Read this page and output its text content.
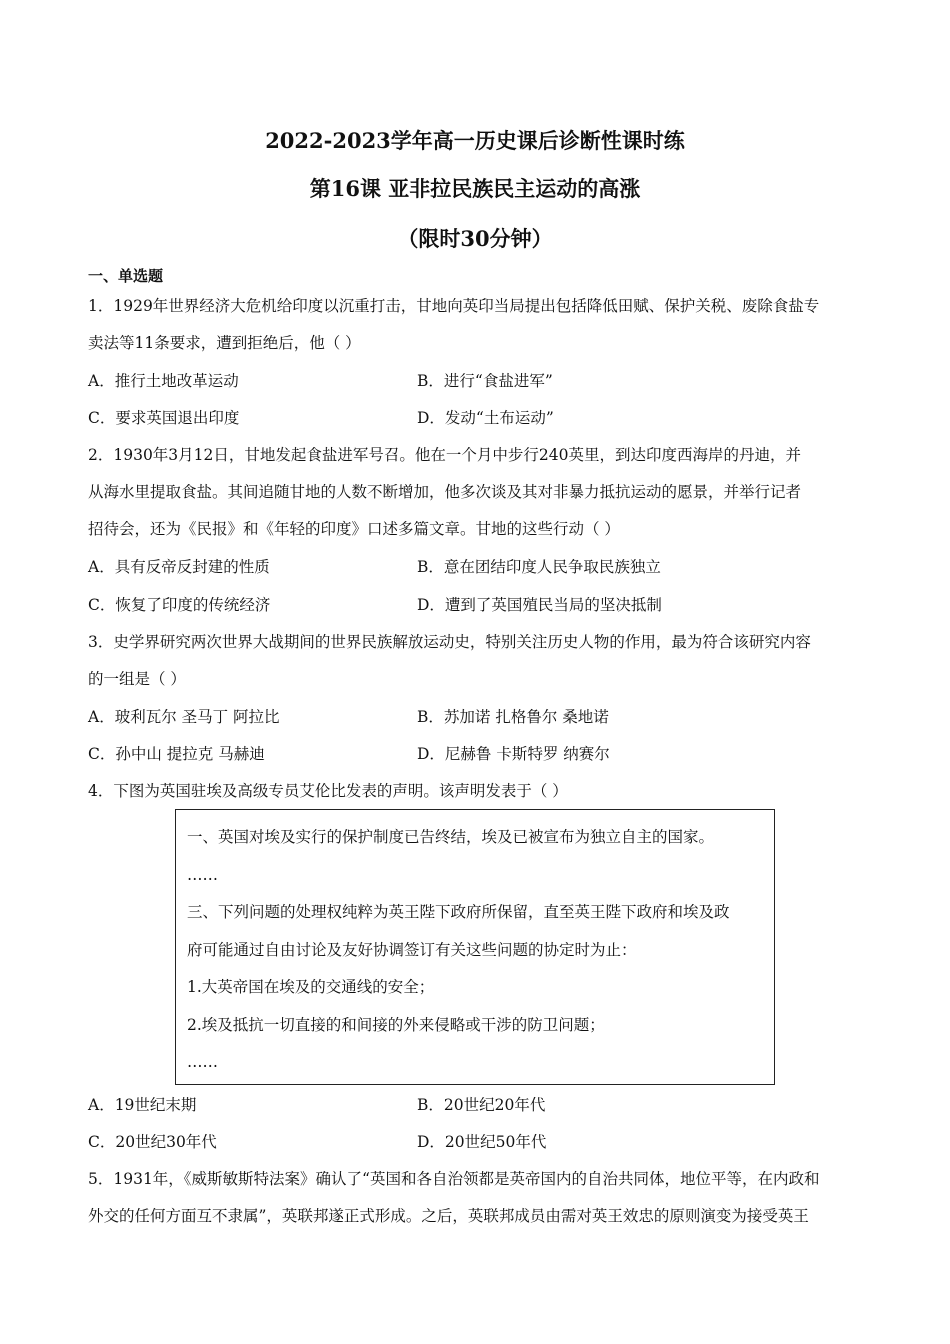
2022-2023学年高一历史课后诊断性课时练
第16课 亚非拉民族民主运动的高涨
（限时30分钟）
一、单选题
1．1929年世界经济大危机给印度以沉重打击，甘地向英印当局提出包括降低田赋、保护关税、废除食盐专
卖法等11条要求，遭到拒绝后，他（ ）
A．推行土地改革运动	B．进行“食盐进军”
C．要求英国退出印度	D．发动“土布运动”
2．1930年3月12日，甘地发起食盐进军号召。他在一个月中步行240英里，到达印度西海岸的丹迪，并
从海水里提取食盐。其间追随甘地的人数不断增加，他多次谈及其对非暴力抵抗运动的愿景，并举行记者
招待会，还为《民报》和《年轻的印度》口述多篇文章。甘地的这些行动（ ）
A．具有反帝反封建的性质	B．意在团结印度人民争取民族独立
C．恢复了印度的传统经济	D．遭到了英国殖民当局的坚决抵制
3．史学界研究两次世界大战期间的世界民族解放运动史，特别关注历史人物的作用，最为符合该研究内容
的一组是（ ）
A．玻利瓦尔 圣马丁 阿拉比	B．苏加诺 扎格鲁尔 桑地诺
C．孙中山 提拉克 马赫迪	D．尼赫鲁 卡斯特罗 纳赛尔
4．下图为英国驻埃及高级专员艾伦比发表的声明。该声明发表于（ ）
一、英国对埃及实行的保护制度已告终结，埃及已被宣布为独立自主的国家。
……
三、下列问题的处理权纯粹为英王陛下政府所保留，直至英王陛下政府和埃及政
府可能通过自由讨论及友好协调签订有关这些问题的协定时为止：
1.大英帝国在埃及的交通线的安全；
2.埃及抵抗一切直接的和间接的外来侵略或干涉的防卫问题；
……
A．19世纪末期	B．20世纪20年代
C．20世纪30年代	D．20世纪50年代
5．1931年，《威斯敏斯特法案》确认了“英国和各自治领都是英帝国内的自治共同体，地位平等，在内政和
外交的任何方面互不隶属”，英联邦遂正式形成。之后，英联邦成员由需对英王效忠的原则演变为接受英王
